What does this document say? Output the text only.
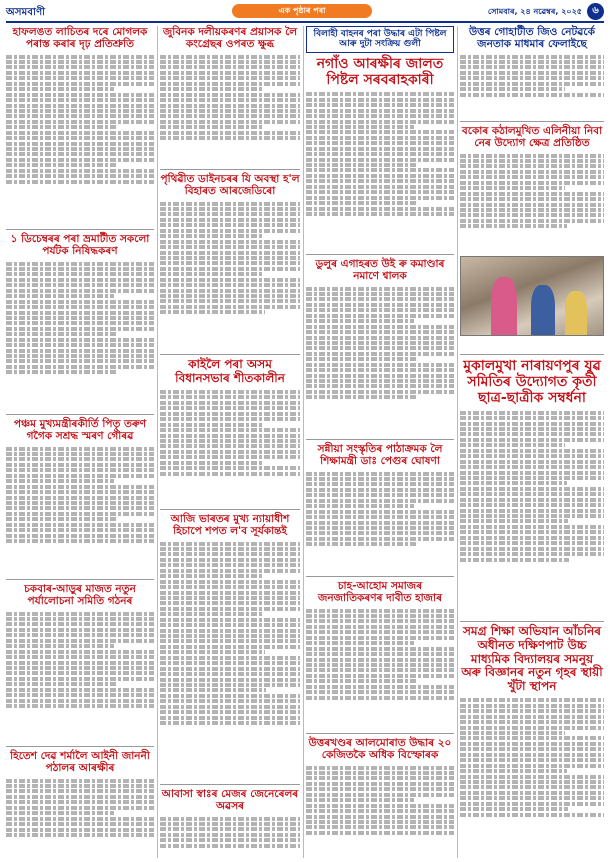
অসমবাণী	এক পৃষ্ঠাৰ পৰা	সোমবাৰ, ২৪ নৱেম্বৰ, ২০২৫	৬
হাফলঙত লাচিতৰ দৰে মোগলক পৰাস্ত কৰাৰ দৃঢ় প্ৰতিশ্ৰুতি
১ ডিচেম্বৰৰ পৰা ভ্ৰমাটীত সকলো পৰ্যটক নিষিদ্ধকৰণ
পঞ্চম মুখ্যমন্ত্ৰীৰকীৰ্তি পিতৃ তৰুণ গগৈক সশ্ৰদ্ধ স্মৰণ গৌৰৱ
চকবাৰ-আড়ুৰ মাজত নতুন পৰ্যালোচনা সমিতি গঠনৰ
হিতেশ দেৱ শৰ্মালৈ আইনী জাননী পঠালৰ আৰক্ষীৰ
জুবিনক দলীয়কৰণৰ প্ৰয়াসক লৈ কংগ্ৰেছৰ ওপৰত ক্ষুব্ধ
পৃথিৱীত ডাইনচৰৰ যি অবস্থা হ'ল বিহাৰত আৰজেডিৰো
কাইলৈ পৰা অসম বিধানসভাৰ শীতকালীন
আজি ভাৰতৰ মুখ্য ন্যায়াধীশ হিচাপে শপত ল'ব সূৰ্যকান্তই
আবাসা স্বাঃৰ মেজৰ জেনেৰেলৰ অৱসৰ
বিলাহী বাহনৰ পৰা উদ্ধাৰ এটা পিষ্টল আৰু দুটা সংক্ৰিয় গুলী
নগাঁও আৰক্ষীৰ জালত পিষ্টল সৰবৰাহকাৰী
ডুলুৰ এগাহৰত উই ৰু কমাণ্ডাৰ নমাণে শ্বালক
সন্নীয়া সংস্কৃতিৰ পাঠাক্ৰমক লৈ শিক্ষামন্ত্ৰী ডাঃ পেগুৰ ঘোষণা
চাহ-আহোম সমাজৰ জনজাতিকৰণৰ দাবীত হাজাৰ
উত্তৰখণ্ডৰ আলমোৰাত উদ্ধাৰ ২০ কেজিতকৈ অধিক বিস্ফোৰক
উত্তৰ গোহাটীত জিও নেটৱৰ্কে জনতাক মাধমাৰ ফেলাইছে
বকোৰ কঠালমুখিত এলিনীয়া নিবা নেৰ উদ্যোগ ক্ষেত্ৰ প্ৰতিষ্ঠিত
মুকালমুখা নাৰায়ণপুৰ যুৱ সমিতিৰ উদ্যোগত কৃতী ছাত্ৰ-ছাত্ৰীক সম্বৰ্ধনা
সমগ্ৰ শিক্ষা অভিযান আঁচনিৰ অধীনত দক্ষিণপাট উচ্চ মাধ্যমিক বিদ্যালয়ৰ সমনুয় অৰু বিজ্ঞানৰ নতুন গৃহৰ স্থায়ী খুঁটা স্থাপন
